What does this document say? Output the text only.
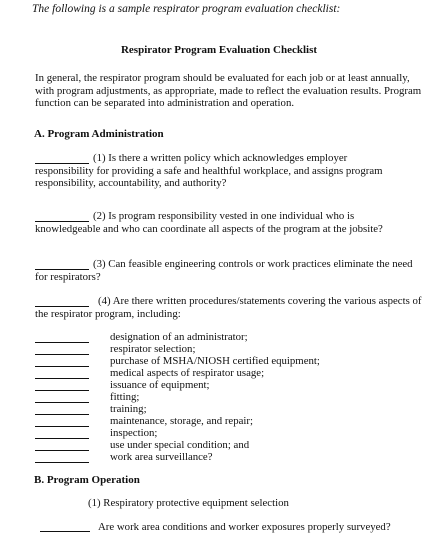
The following is a sample respirator program evaluation checklist:
Respirator Program Evaluation Checklist
In general, the respirator program should be evaluated for each job or at least annually, with program adjustments, as appropriate, made to reflect the evaluation results. Program function can be separated into administration and operation.
A. Program Administration
(1) Is there a written policy which acknowledges employer responsibility for providing a safe and healthful workplace, and assigns program responsibility, accountability, and authority?
(2) Is program responsibility vested in one individual who is knowledgeable and who can coordinate all aspects of the program at the jobsite?
(3) Can feasible engineering controls or work practices eliminate the need for respirators?
(4) Are there written procedures/statements covering the various aspects of the respirator program, including:
designation of an administrator;
respirator selection;
purchase of MSHA/NIOSH certified equipment;
medical aspects of respirator usage;
issuance of equipment;
fitting;
training;
maintenance, storage, and repair;
inspection;
use under special condition; and
work area surveillance?
B. Program Operation
(1) Respiratory protective equipment selection
Are work area conditions and worker exposures properly surveyed?
